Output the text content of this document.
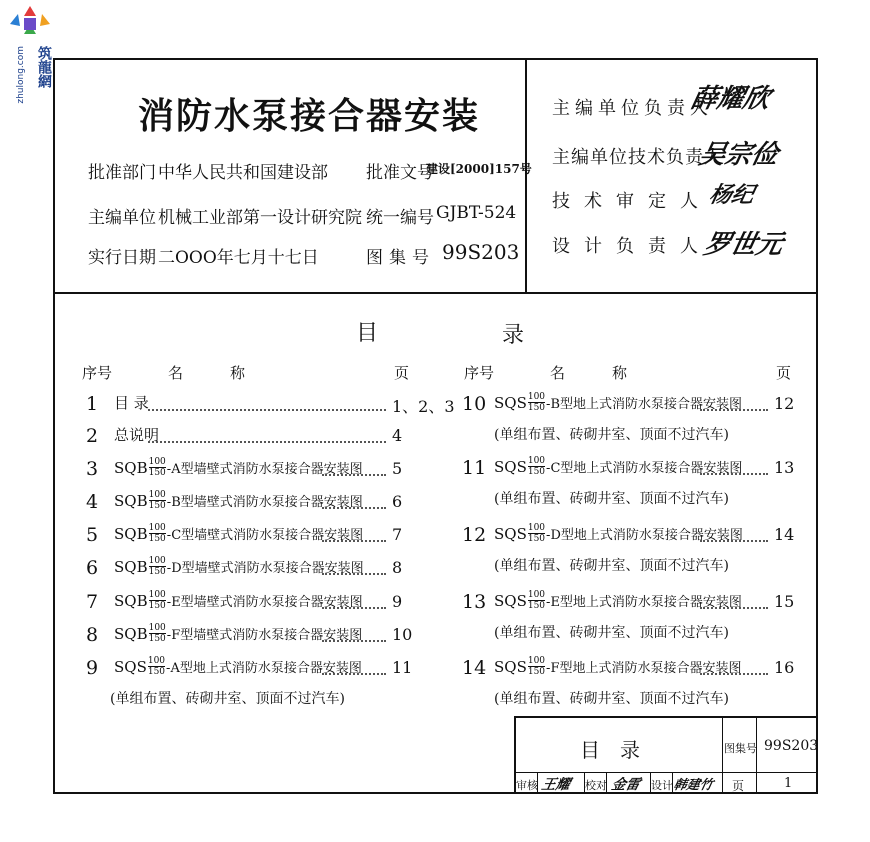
zhulong.com 筑龍網
消防水泵接合器安装
批准部门 中华人民共和国建设部 批准文号
建设[2000]157号
主编单位 机械工业部第一设计研究院 统一编号 GJBT-524
实行日期 二OOO年七月十七日	图集号 99S203
主编单位负责人
薛耀欣
主编单位技术负责人
吴宗俭
技术审定人
杨纪
设计负责人
罗世元
目	录
序号	名	称	页	序号	名	称	页
1	目 录	1、2、3
2	总说明	4
3	SQB $\frac{100}{150} -A$型墙壁式消防水泵接合器安装图 5
4	SQB $\frac{100}{150} -B$型墙壁式消防水泵接合器安装图 6
5	SQB $\frac{100}{150} -C$型墙壁式消防水泵接合器安装图 7
6	SQB $\frac{100}{150} -D$型墙壁式消防水泵接合器安装图 8
7	SQB $\frac{100}{150} -E$型墙壁式消防水泵接合器安装图 9
8	SQB $\frac{100}{150} -F$型墙壁式消防水泵接合器安装图 10
9	SQS $\frac{100}{150} -A$型地上式消防水泵接合器安装图 11
(单组布置、砖砌井室、顶面不过汽车)
10 SQS $\frac{100}{150} -B$型地上式消防水泵接合器安装图 12
(单组布置、砖砌井室、顶面不过汽车)
11 SQS $\frac{100}{150} -C$型地上式消防水泵接合器安装图 13
(单组布置、砖砌井室、顶面不过汽车)
12 SQS $\frac{100}{150} -D$型地上式消防水泵接合器安装图 14
(单组布置、砖砌井室、顶面不过汽车)
13 SQS $\frac{100}{150} -E$型地上式消防水泵接合器安装图 15
(单组布置、砖砌井室、顶面不过汽车)
14 SQS $\frac{100}{150} -F$型地上式消防水泵接合器安装图 16
(单组布置、砖砌井室、顶面不过汽车)
目 录	图集号 99S203
审核 王耀 校对 金雷 设计
韩建竹 页	1
